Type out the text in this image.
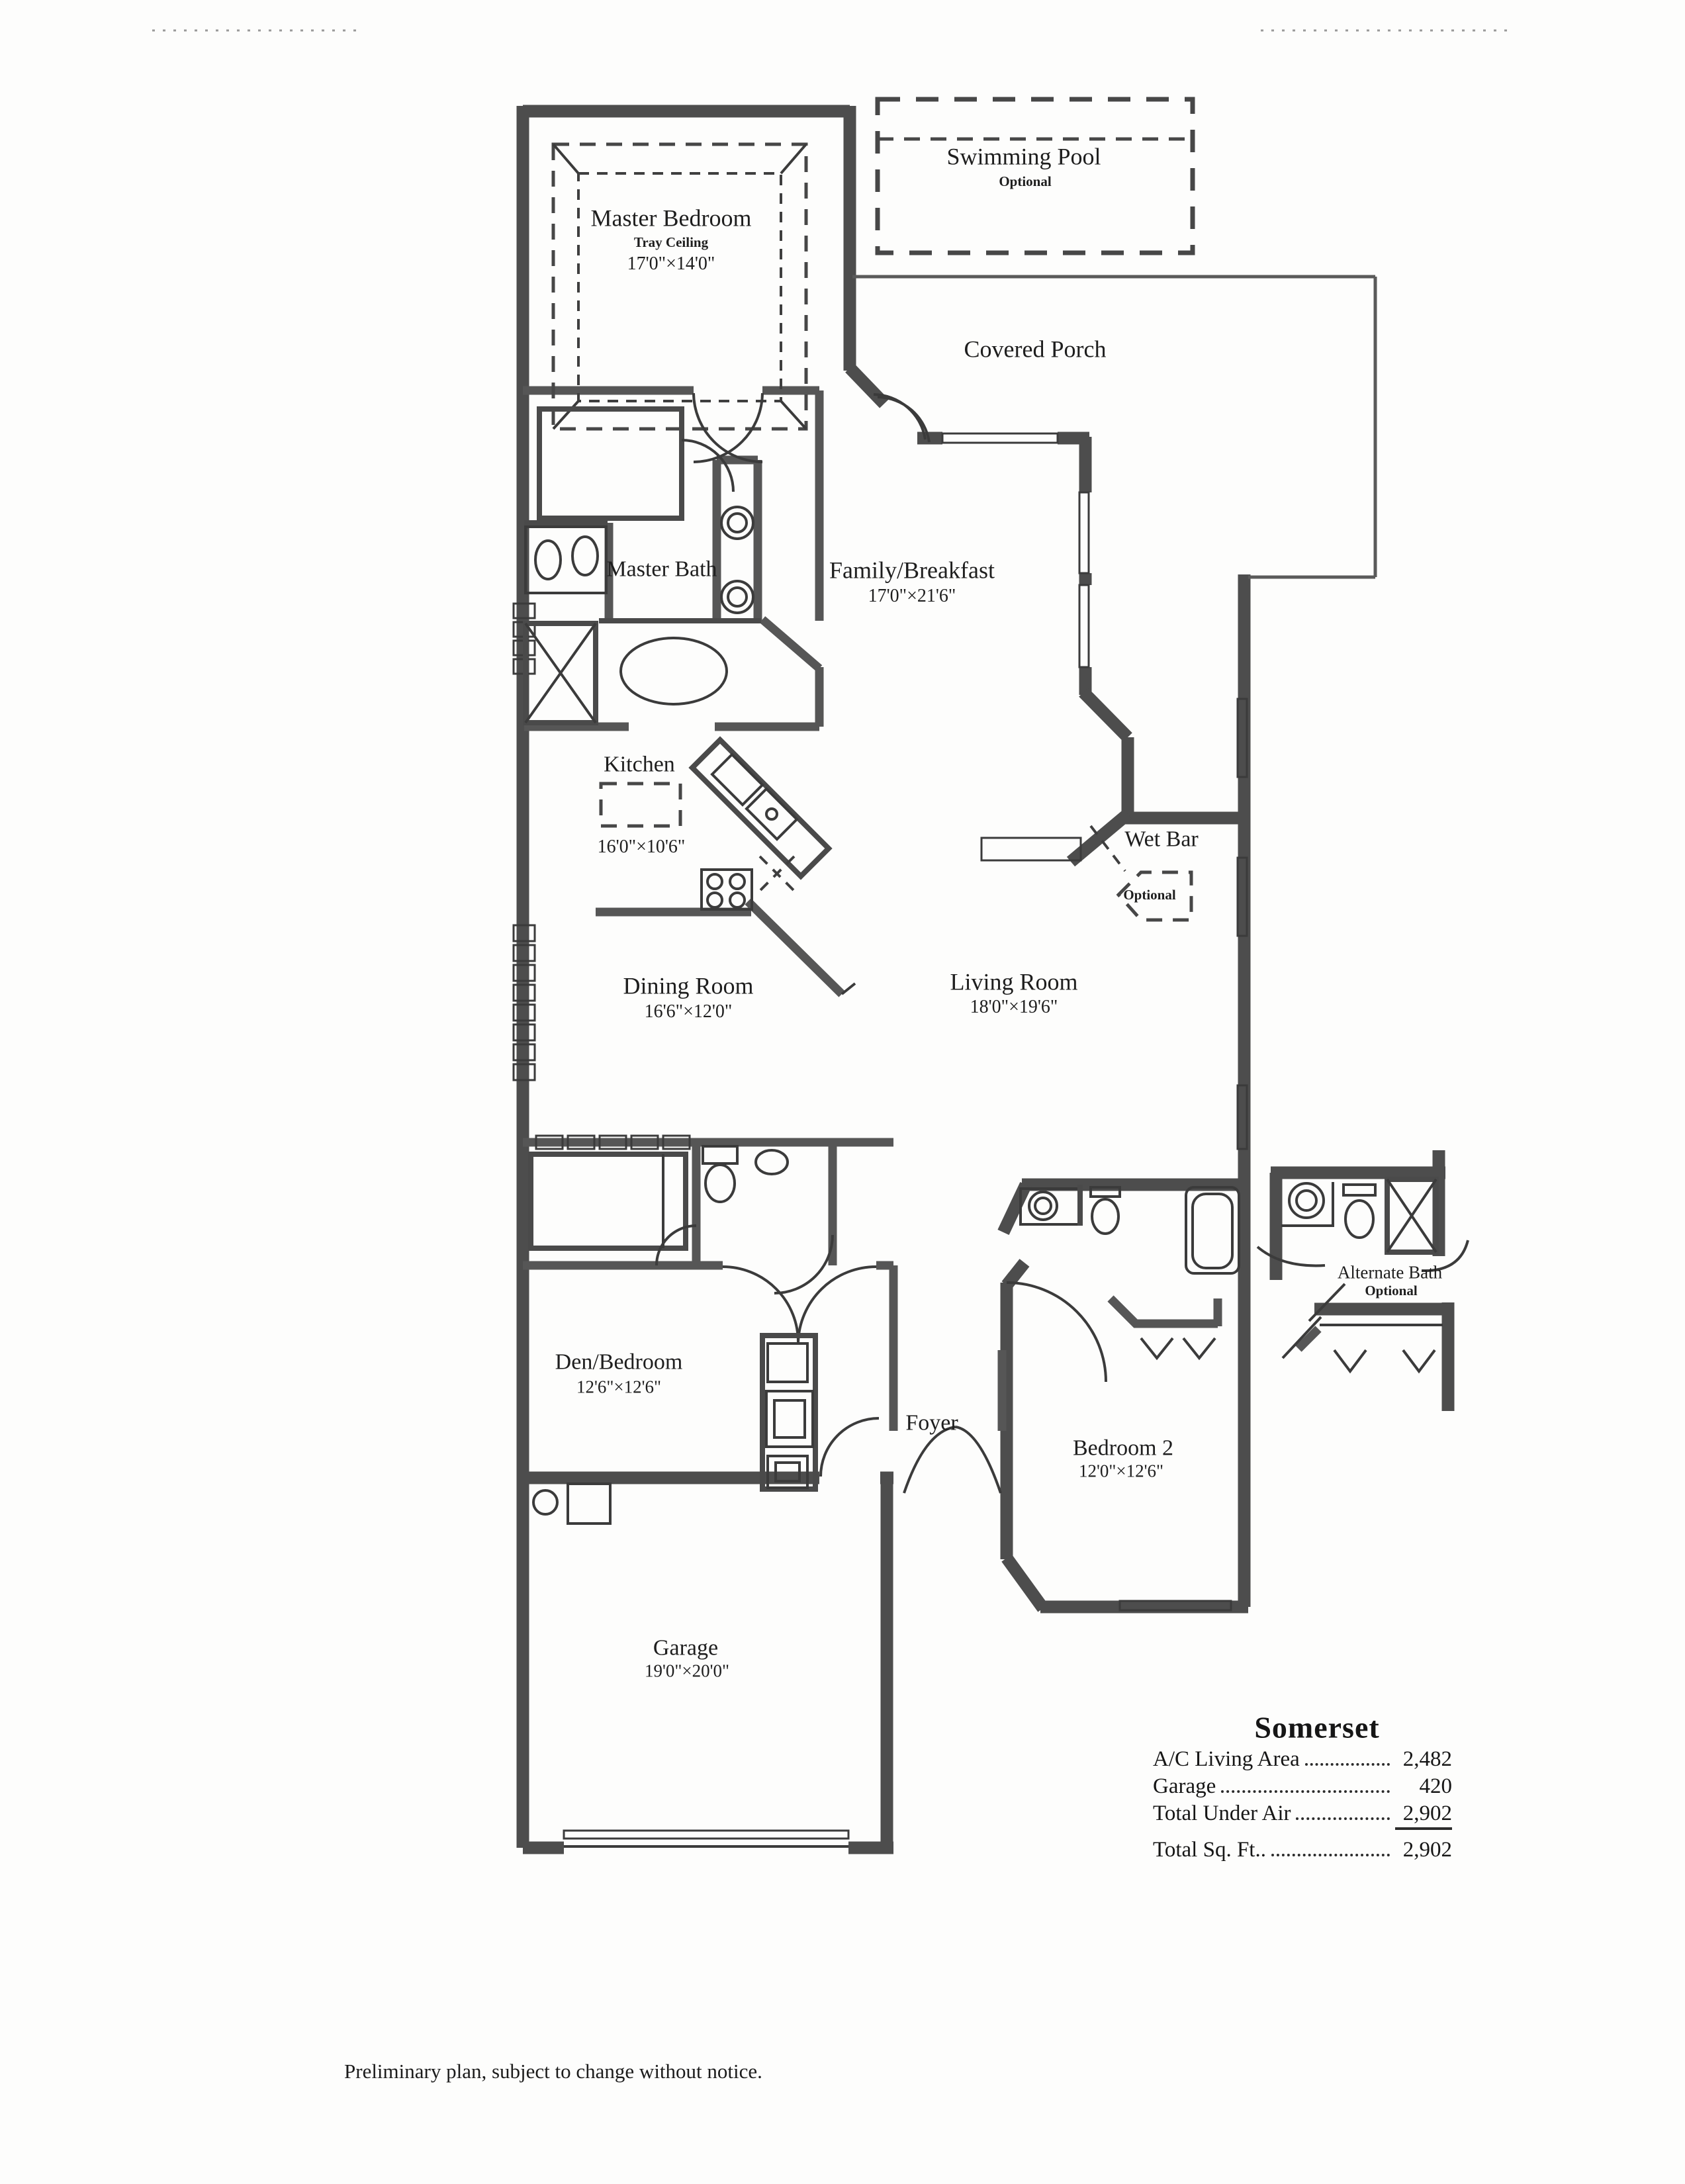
Master Bedroom
Tray Ceiling
17'0"×14'0"
Swimming Pool
Optional
Covered Porch
Master Bath	Family/Breakfast
17'0"×21'6"
Kitchen
16'0"×10'6"	Wet Bar
Optional
Dining Room
16'6"×12'0"
Living Room
18'0"×19'6"
Den/Bedroom
12'6"×12'6"
Foyer
Bedroom 2
12'0"×12'6"
Alternate Bath
Optional
Garage
19'0"×20'0"
Somerset
A/C Living Area	2,482
Garage	420
Total Under Air	2,902
Total Sq. Ft..	2,902
Preliminary plan, subject to change without notice.
